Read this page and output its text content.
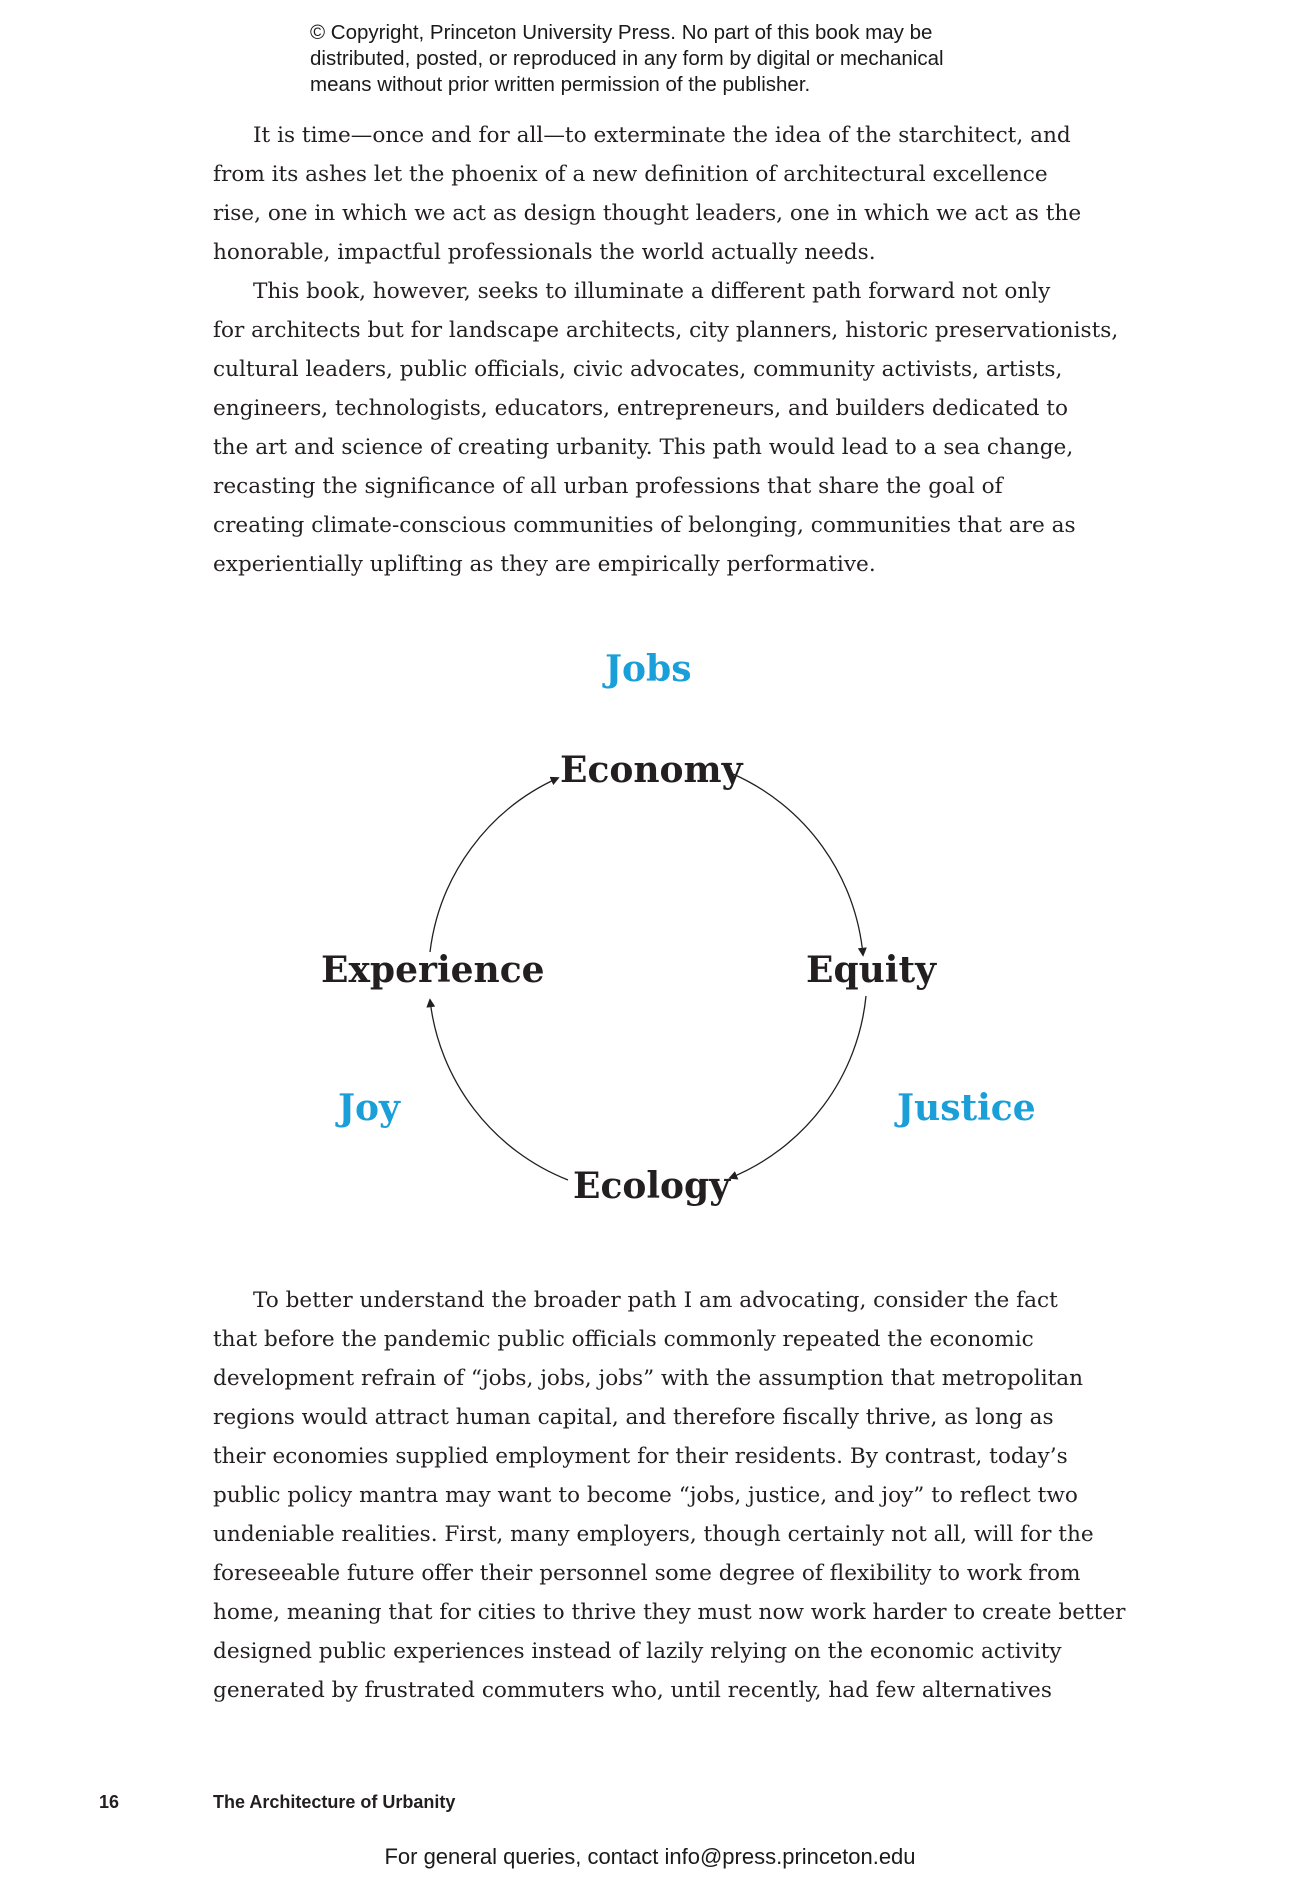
© Copyright, Princeton University Press. No part of this book may be
distributed, posted, or reproduced in any form by digital or mechanical
means without prior written permission of the publisher.
It is time—once and for all—to exterminate the idea of the starchitect, and
from its ashes let the phoenix of a new definition of architectural excellence
rise, one in which we act as design thought leaders, one in which we act as the
honorable, impactful professionals the world actually needs.
This book, however, seeks to illuminate a different path forward not only
for architects but for landscape architects, city planners, historic preservationists,
cultural leaders, public officials, civic advocates, community activists, artists,
engineers, technologists, educators, entrepreneurs, and builders dedicated to
the art and science of creating urbanity. This path would lead to a sea change,
recasting the significance of all urban professions that share the goal of
creating climate-conscious communities of belonging, communities that are as
experientially uplifting as they are empirically performative.
Jobs
Economy
Equity
Experience
Joy	Justice
Ecology
To better understand the broader path I am advocating, consider the fact
that before the pandemic public officials commonly repeated the economic
development refrain of “jobs, jobs, jobs” with the assumption that metropolitan
regions would attract human capital, and therefore fiscally thrive, as long as
their economies supplied employment for their residents. By contrast, today’s
public policy mantra may want to become “jobs, justice, and joy” to reflect two
undeniable realities. First, many employers, though certainly not all, will for the
foreseeable future offer their personnel some degree of flexibility to work from
home, meaning that for cities to thrive they must now work harder to create better
designed public experiences instead of lazily relying on the economic activity
generated by frustrated commuters who, until recently, had few alternatives
16	The Architecture of Urbanity
For general queries, contact info@press.princeton.edu
